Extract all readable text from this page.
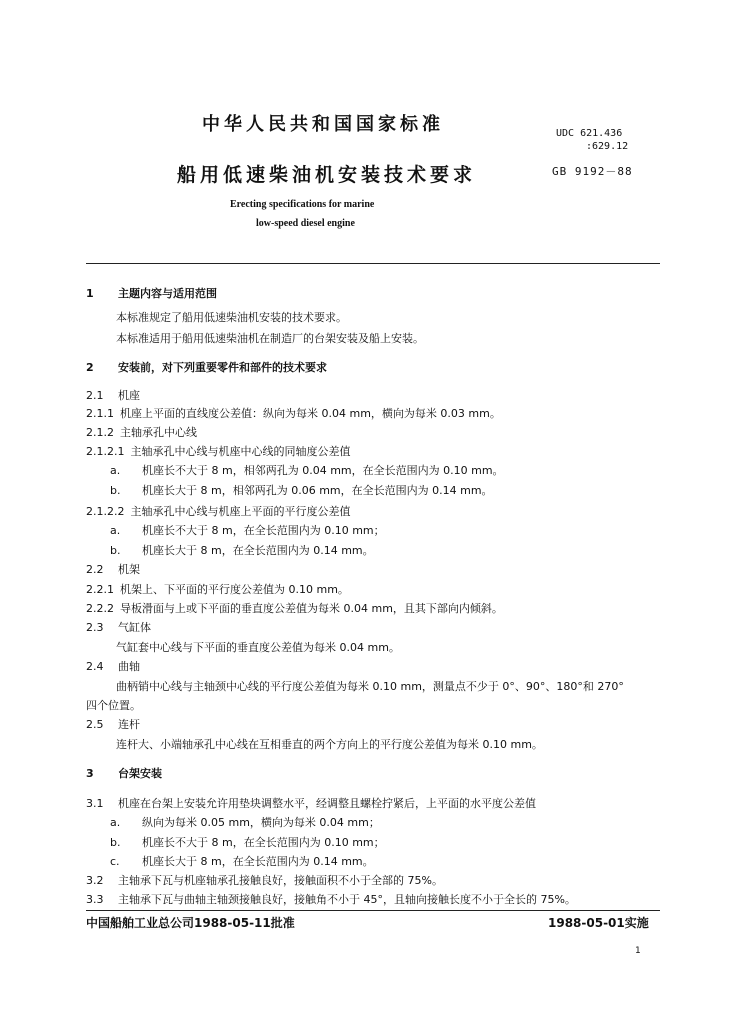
中华人民共和国国家标准
船用低速柴油机安装技术要求
Erecting specifications for marine
low-speed diesel engine
UDC 621.436
:629.12
GB 9192－88
1 主题内容与适用范围
本标准规定了船用低速柴油机安装的技术要求。
本标准适用于船用低速柴油机在制造厂的台架安装及船上安装。
2 安装前，对下列重要零件和部件的技术要求
2.1 机座
2.1.1 机座上平面的直线度公差值：纵向为每米 0.04 mm，横向为每米 0.03 mm。
2.1.2 主轴承孔中心线
2.1.2.1 主轴承孔中心线与机座中心线的同轴度公差值
a. 机座长不大于 8 m，相邻两孔为 0.04 mm，在全长范围内为 0.10 mm。
b. 机座长大于 8 m，相邻两孔为 0.06 mm，在全长范围内为 0.14 mm。
2.1.2.2 主轴承孔中心线与机座上平面的平行度公差值
a. 机座长不大于 8 m，在全长范围内为 0.10 mm；
b. 机座长大于 8 m，在全长范围内为 0.14 mm。
2.2 机架
2.2.1 机架上、下平面的平行度公差值为 0.10 mm。
2.2.2 导板滑面与上或下平面的垂直度公差值为每米 0.04 mm，且其下部向内倾斜。
2.3 气缸体
气缸套中心线与下平面的垂直度公差值为每米 0.04 mm。
2.4 曲轴
曲柄销中心线与主轴颈中心线的平行度公差值为每米 0.10 mm，测量点不少于 0°、90°、180°和 270°
四个位置。
2.5 连杆
连杆大、小端轴承孔中心线在互相垂直的两个方向上的平行度公差值为每米 0.10 mm。
3 台架安装
3.1 机座在台架上安装允许用垫块调整水平，经调整且螺栓拧紧后，上平面的水平度公差值
a. 纵向为每米 0.05 mm，横向为每米 0.04 mm；
b. 机座长不大于 8 m，在全长范围内为 0.10 mm；
c. 机座长大于 8 m，在全长范围内为 0.14 mm。
3.2 主轴承下瓦与机座轴承孔接触良好，接触面积不小于全部的 75%。
3.3 主轴承下瓦与曲轴主轴颈接触良好，接触角不小于 45°，且轴向接触长度不小于全长的 75%。
中国船舶工业总公司1988-05-11批准	1988-05-01实施
1
